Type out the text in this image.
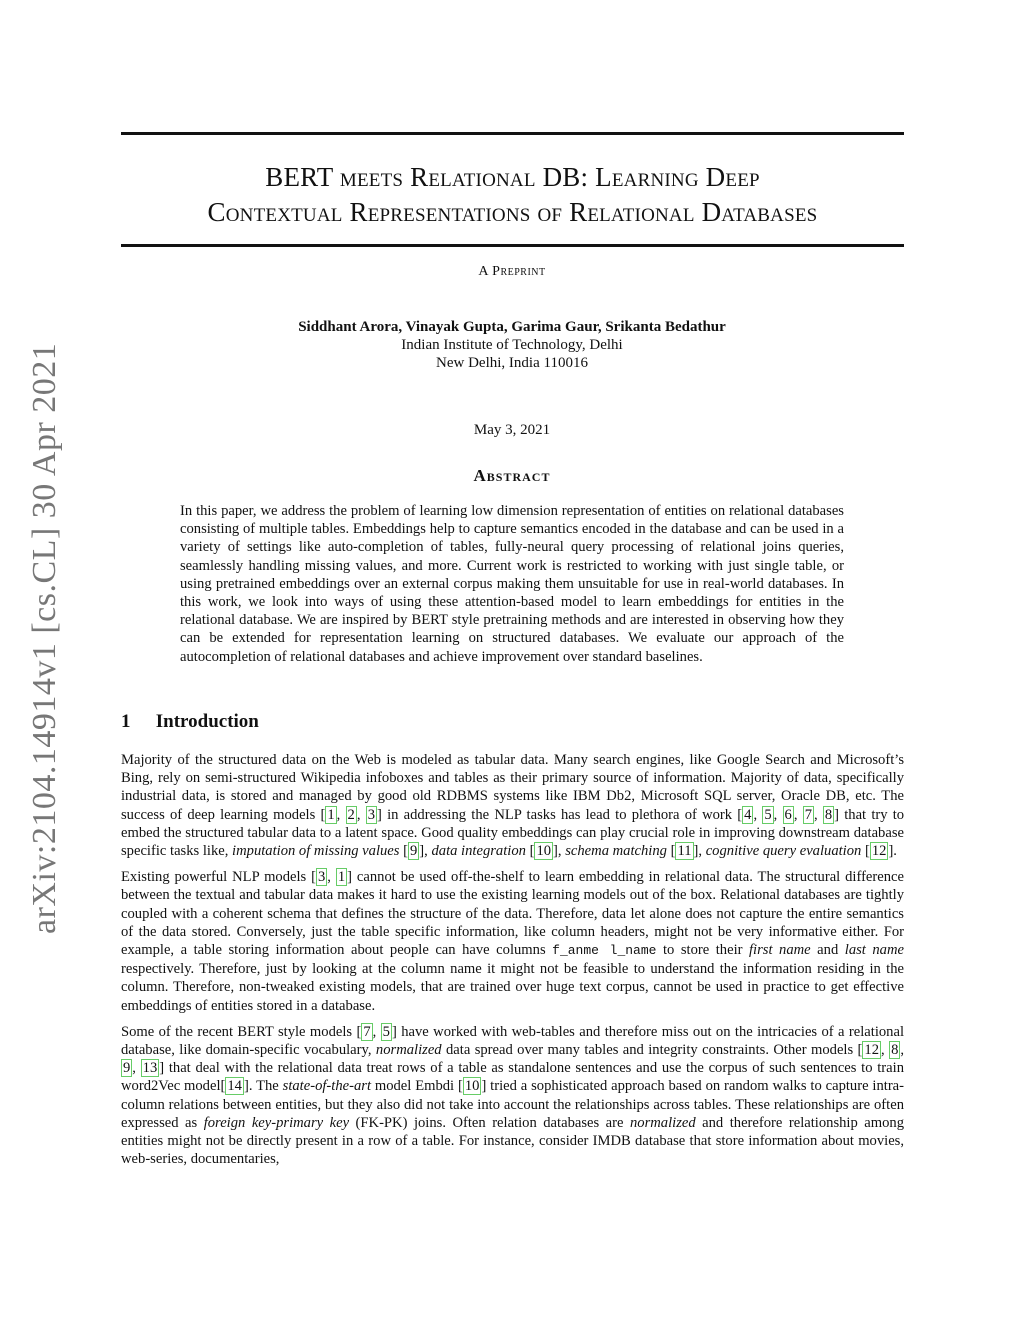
arXiv:2104.14914v1 [cs.CL] 30 Apr 2021
BERT meets Relational DB: Learning Deep
Contextual Representations of Relational Databases
A Preprint
Siddhant Arora, Vinayak Gupta, Garima Gaur, Srikanta Bedathur
Indian Institute of Technology, Delhi
New Delhi, India 110016
May 3, 2021
Abstract
In this paper, we address the problem of learning low dimension representation of entities on relational databases consisting of multiple tables. Embeddings help to capture semantics encoded in the database and can be used in a variety of settings like auto-completion of tables, fully-neural query processing of relational joins queries, seamlessly handling missing values, and more. Current work is restricted to working with just single table, or using pretrained embeddings over an external corpus making them unsuitable for use in real-world databases. In this work, we look into ways of using these attention-based model to learn embeddings for entities in the relational database. We are inspired by BERT style pretraining methods and are interested in observing how they can be extended for representation learning on structured databases. We evaluate our approach of the autocompletion of relational databases and achieve improvement over standard baselines.
1 Introduction

Majority of the structured data on the Web is modeled as tabular data. Many search engines, like Google Search and Microsoft’s Bing, rely on semi-structured Wikipedia infoboxes and tables as their primary source of information. Majority of data, specifically industrial data, is stored and managed by good old RDBMS systems like IBM Db2, Microsoft SQL server, Oracle DB, etc. The success of deep learning models [ 1 , 2 , 3 ] in addressing the NLP tasks has lead to plethora of work [ 4 , 5 , 6 , 7 , 8 ] that try to embed the structured tabular data to a latent space. Good quality embeddings can play crucial role in improving downstream database specific tasks like, imputation of missing values [ 9 ], data integration [ 10 ], schema matching [ 11 ], cognitive query evaluation [ 12 ].

Existing powerful NLP models [ 3 , 1 ] cannot be used off-the-shelf to learn embedding in relational data. The structural difference between the textual and tabular data makes it hard to use the existing learning models out of the box. Relational databases are tightly coupled with a coherent schema that defines the structure of the data. Therefore, data let alone does not capture the entire semantics of the data stored. Conversely, just the table specific information, like column headers, might not be very informative either. For example, a table storing information about people can have columns f_anme l_name to store their first name and last name respectively. Therefore, just by looking at the column name it might not be feasible to understand the information residing in the column. Therefore, non-tweaked existing models, that are trained over huge text corpus, cannot be used in practice to get effective embeddings of entities stored in a database.

Some of the recent BERT style models [ 7 , 5 ] have worked with web-tables and therefore miss out on the intricacies of a relational database, like domain-specific vocabulary, normalized data spread over many tables and integrity constraints. Other models [ 12 , 8 , 9 , 13 ] that deal with the relational data treat rows of a table as standalone sentences and use the corpus of such sentences to train word2Vec model[ 14 ]. The state-of-the-art model Embdi [ 10 ] tried a sophisticated approach based on random walks to capture intra-column relations between entities, but they also did not take into account the relationships across tables. These relationships are often expressed as foreign key-primary key (FK-PK) joins. Often relation databases are normalized and therefore relationship among entities might not be directly present in a row of a table. For instance, consider IMDB database that store information about movies, web-series, documentaries,
